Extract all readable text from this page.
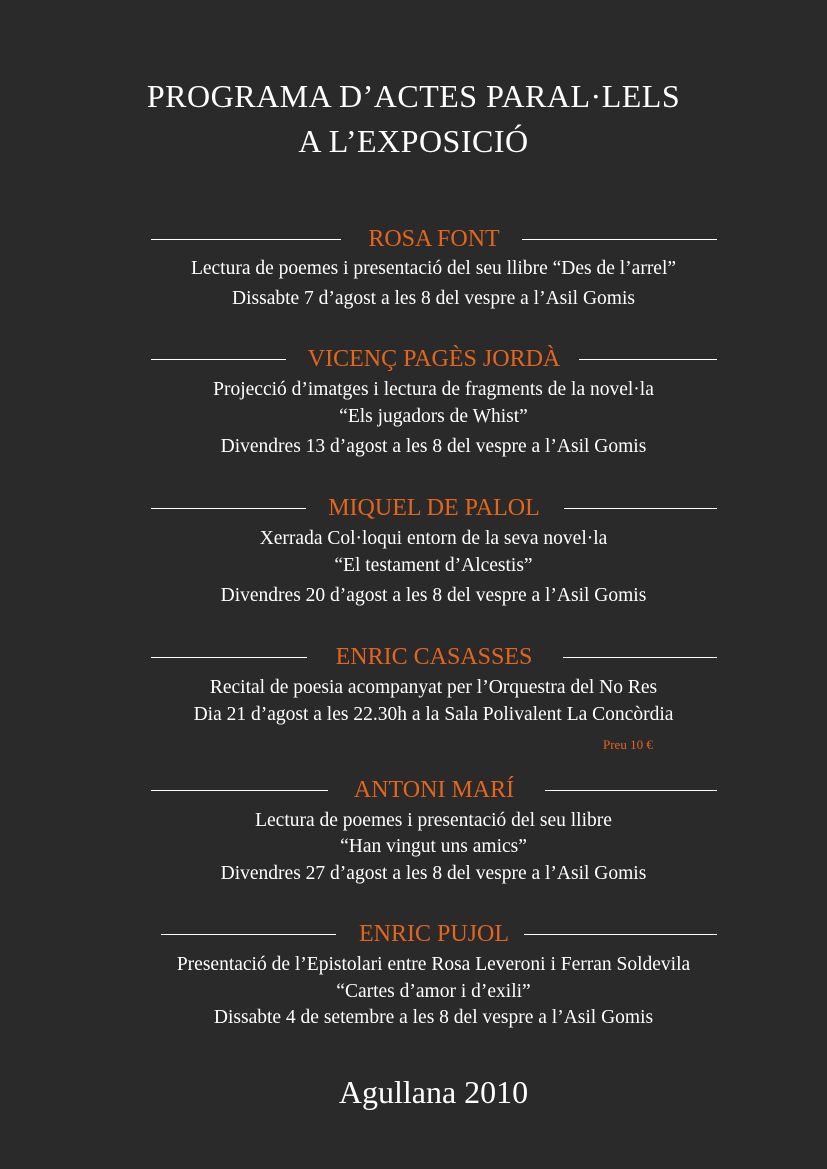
PROGRAMA D’ACTES PARAL·LELS
A L’EXPOSICIÓ
ROSA FONT
Lectura de poemes i presentació del seu llibre “Des de l’arrel”
Dissabte 7 d’agost a les 8 del vespre a l’Asil Gomis
VICENÇ PAGÈS JORDÀ
Projecció d’imatges i lectura de fragments de la novel·la
“Els jugadors de Whist”
Divendres 13 d’agost a les 8 del vespre a l’Asil Gomis
MIQUEL DE PALOL
Xerrada Col·loqui entorn de la seva novel·la
“El testament d’Alcestis”
Divendres 20 d’agost a les 8 del vespre a l’Asil Gomis
ENRIC CASASSES
Recital de poesia acompanyat per l’Orquestra del No Res
Dia 21 d’agost a les 22.30h a la Sala Polivalent La Concòrdia
Preu 10 €
ANTONI MARÍ
Lectura de poemes i presentació del seu llibre
“Han vingut uns amics”
Divendres 27 d’agost a les 8 del vespre a l’Asil Gomis
ENRIC PUJOL
Presentació de l’Epistolari entre Rosa Leveroni i Ferran Soldevila
“Cartes d’amor i d’exili”
Dissabte 4 de setembre a les 8 del vespre a l’Asil Gomis
Agullana 2010
